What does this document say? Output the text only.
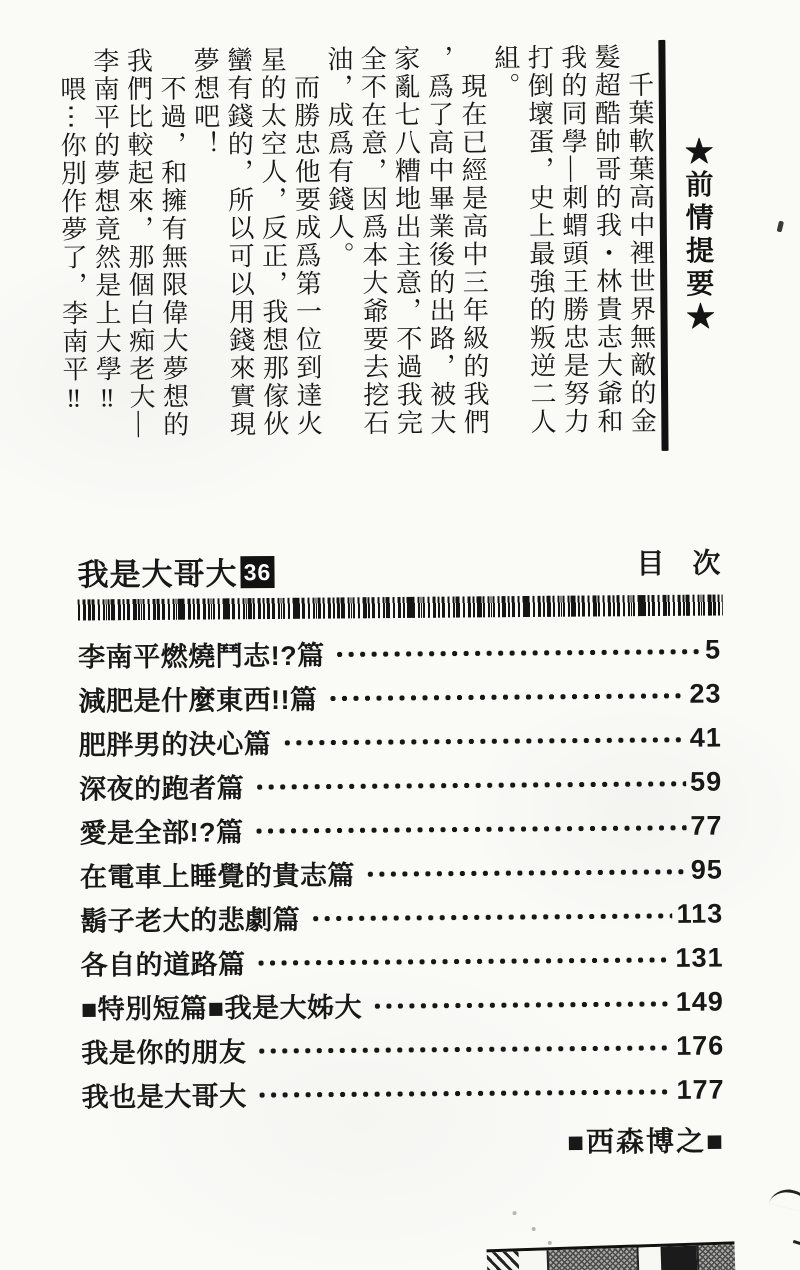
★前情提要★

千葉軟葉高中裡世界無敵的金髮超酷帥哥的我・林貴志大爺和我的同學—刺蝟頭王勝忠是努力打倒壞蛋，史上最強的叛逆二人組。

現在已經是高中三年級的我們，爲了高中畢業後的出路，被大家亂七八糟地出主意，不過我完全不在意，因爲本大爺要去挖石油，成爲有錢人。

而勝忠他要成爲第一位到達火星的太空人，反正，我想那傢伙蠻有錢的，所以可以用錢來實現夢想吧！

不過，和擁有無限偉大夢想的我們比較起來，那個白痴老大—李南平的夢想竟然是上大學‼

喂⋯你別作夢了，李南平‼

我是大哥大 36	目　次
李南平燃燒鬥志!?篇	5
減肥是什麼東西!!篇	23
肥胖男的決心篇	41
深夜的跑者篇	59
愛是全部!?篇	77
在電車上睡覺的貴志篇	95
鬍子老大的悲劇篇	113
各自的道路篇	131
■特別短篇■我是大姊大	149
我是你的朋友	176
我也是大哥大	177
■西森博之■
